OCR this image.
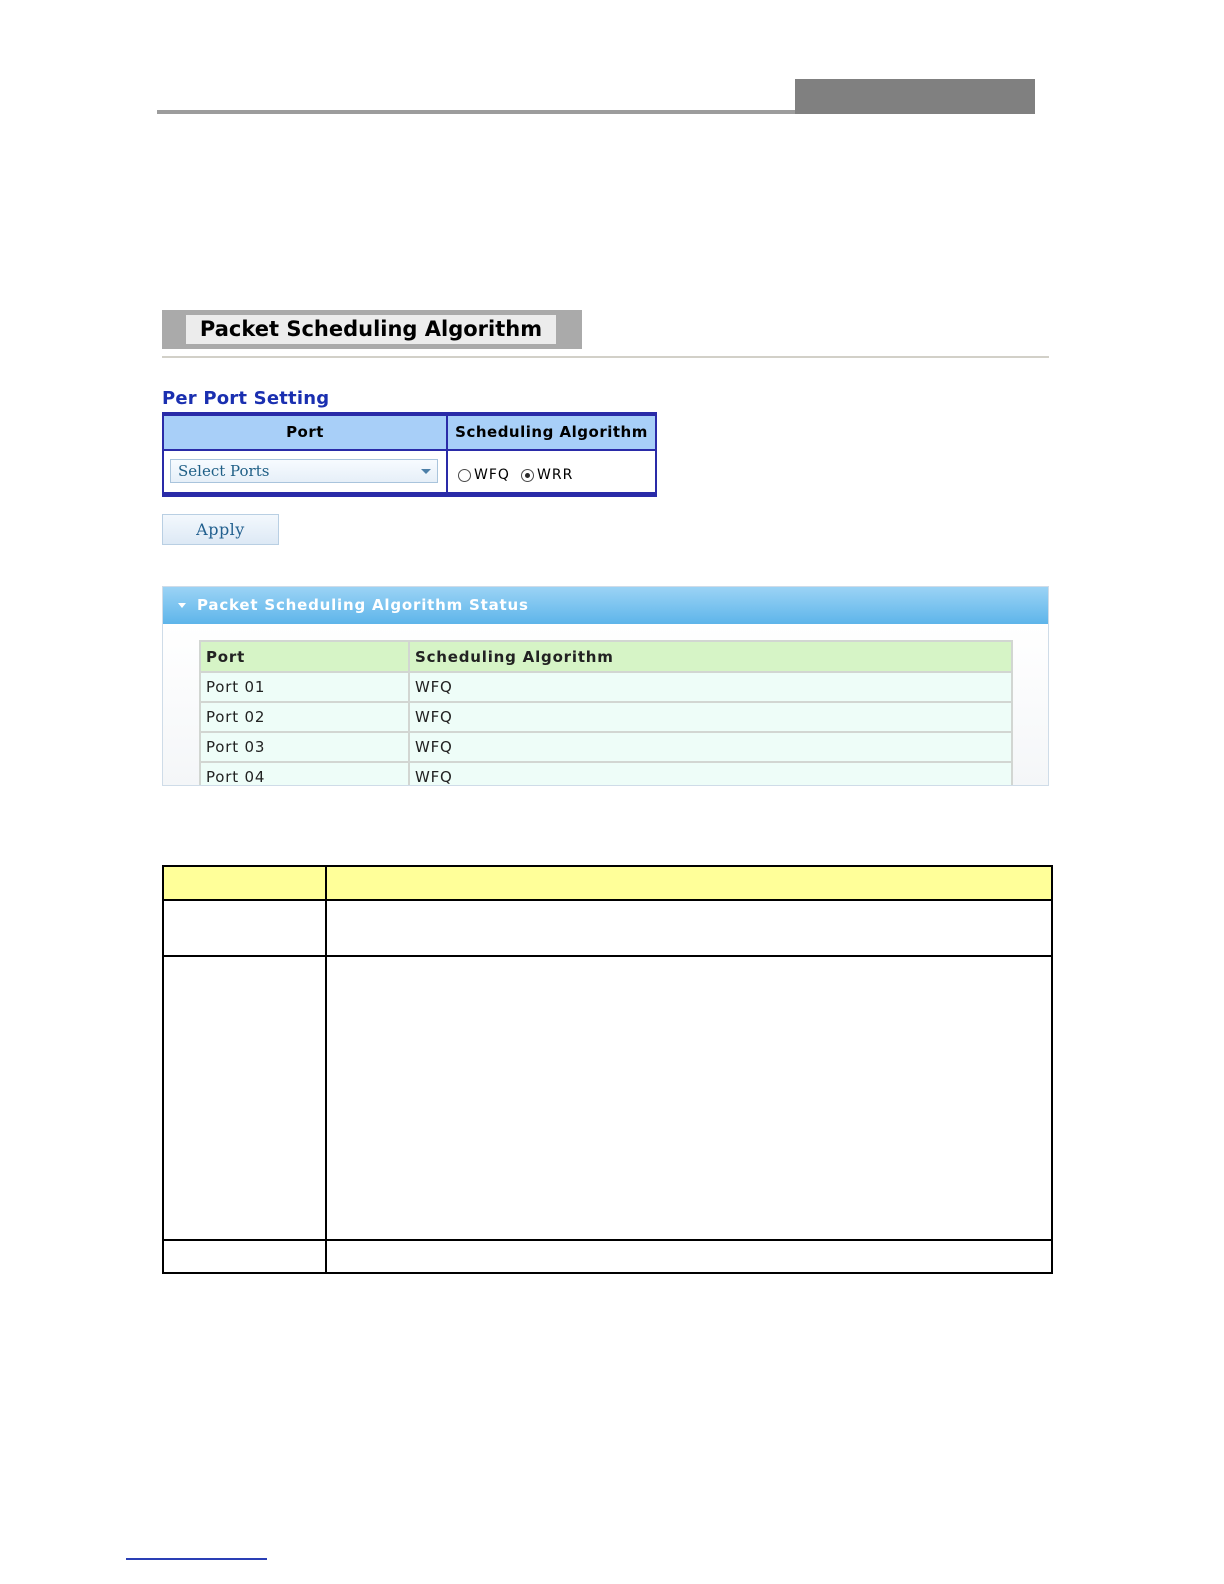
Packet Scheduling Algorithm
Per Port Setting
Port	Scheduling Algorithm
Select Ports	WFQ WRR
Apply
Packet Scheduling Algorithm Status
Port	Scheduling Algorithm
Port 01	WFQ
Port 02	WFQ
Port 03	WFQ
Port 04	WFQ
